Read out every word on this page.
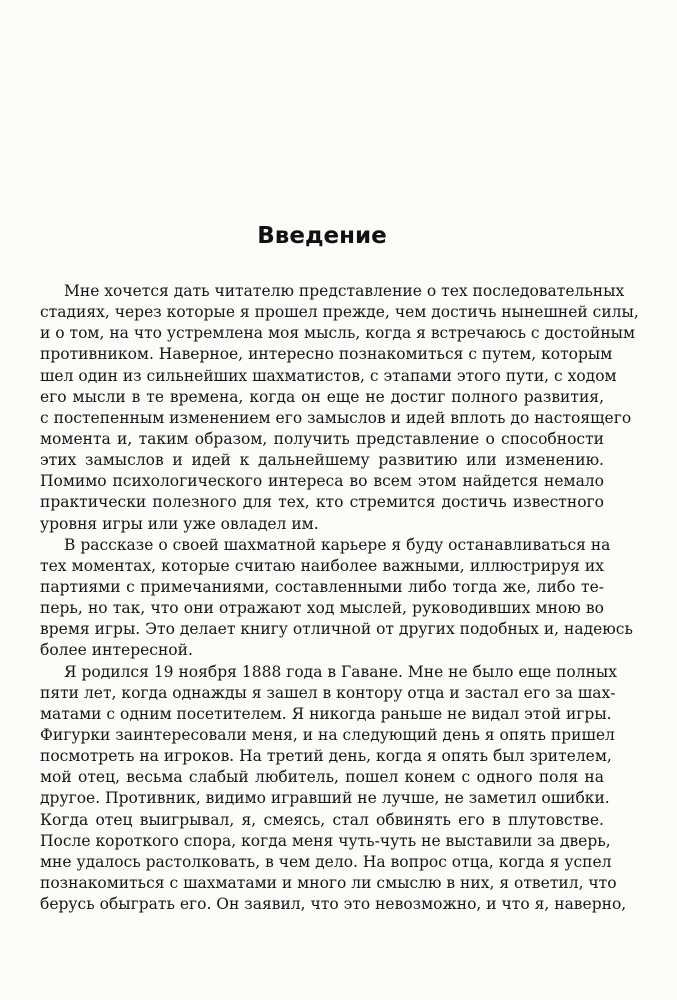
Введение
Мне хочется дать читателю представление о тех последовательных
стадиях, через которые я прошел прежде, чем достичь нынешней силы,
и о том, на что устремлена моя мысль, когда я встречаюсь с достойным
противником. Наверное, интересно познакомиться с путем, которым
шел один из сильнейших шахматистов, с этапами этого пути, с ходом
его мысли в те времена, когда он еще не достиг полного развития,
с постепенным изменением его замыслов и идей вплоть до настоящего
момента и, таким образом, получить представление о способности
этих замыслов и идей к дальнейшему развитию или изменению.
Помимо психологического интереса во всем этом найдется немало
практически полезного для тех, кто стремится достичь известного
уровня игры или уже овладел им.
В рассказе о своей шахматной карьере я буду останавливаться на
тех моментах, которые считаю наиболее важными, иллюстрируя их
партиями с примечаниями, составленными либо тогда же, либо те-
перь, но так, что они отражают ход мыслей, руководивших мною во
время игры. Это делает книгу отличной от других подобных и, надеюсь
более интересной.
Я родился 19 ноября 1888 года в Гаване. Мне не было еще полных
пяти лет, когда однажды я зашел в контору отца и застал его за шах-
матами с одним посетителем. Я никогда раньше не видал этой игры.
Фигурки заинтересовали меня, и на следующий день я опять пришел
посмотреть на игроков. На третий день, когда я опять был зрителем,
мой отец, весьма слабый любитель, пошел конем с одного поля на
другое. Противник, видимо игравший не лучше, не заметил ошибки.
Когда отец выигрывал, я, смеясь, стал обвинять его в плутовстве.
После короткого спора, когда меня чуть-чуть не выставили за дверь,
мне удалось растолковать, в чем дело. На вопрос отца, когда я успел
познакомиться с шахматами и много ли смыслю в них, я ответил, что
берусь обыграть его. Он заявил, что это невозможно, и что я, наверно,
